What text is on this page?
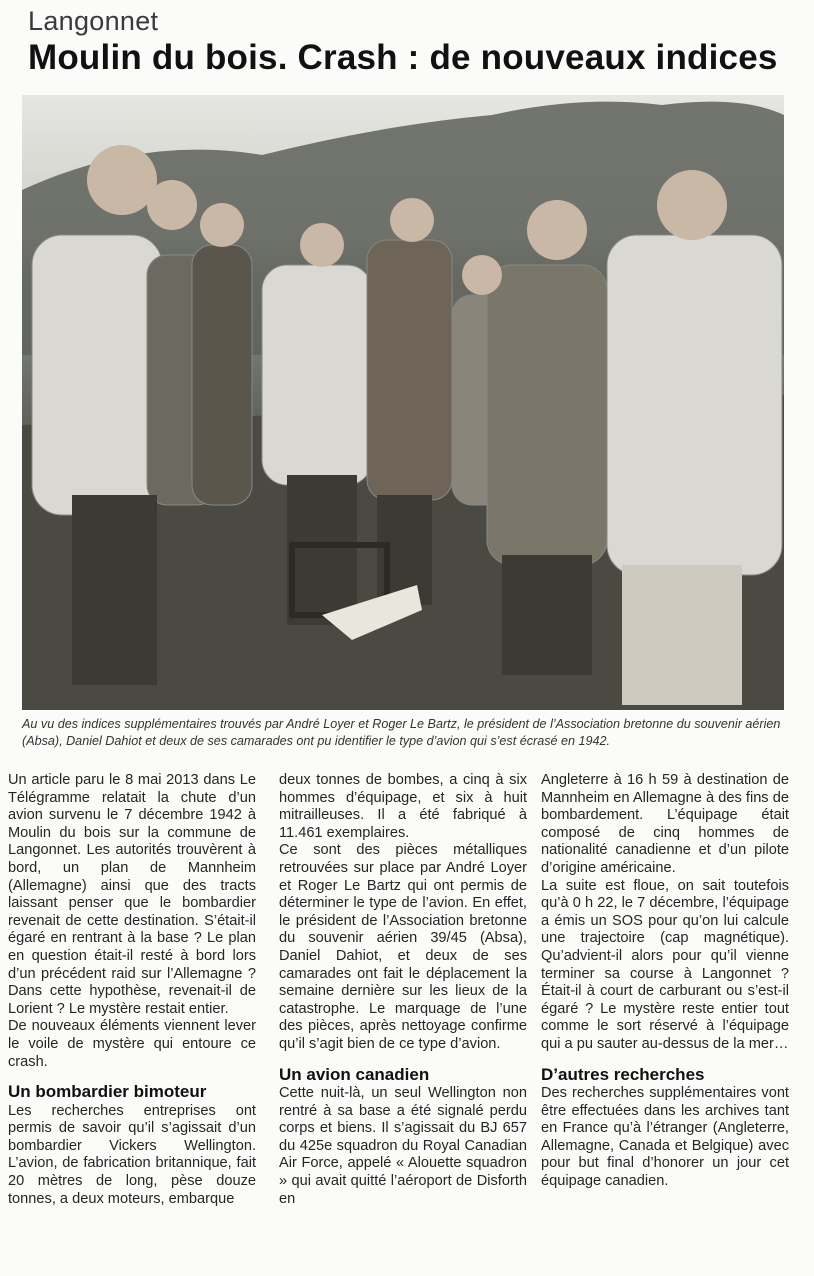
Langonnet
Moulin du bois. Crash : de nouveaux indices
Au vu des indices supplémentaires trouvés par André Loyer et Roger Le Bartz, le président de l’Association bretonne du souvenir aérien (Absa), Daniel Dahiot et deux de ses camarades ont pu identifier le type d’avion qui s’est écrasé en 1942.

Un article paru le 8 mai 2013 dans Le Télégramme relatait la chute d’un avion survenu le 7 décembre 1942 à Moulin du bois sur la commune de Langonnet. Les autorités trouvèrent à bord, un plan de Mannheim (Allemagne) ainsi que des tracts laissant penser que le bombardier revenait de cette destination. S’était-il égaré en rentrant à la base ? Le plan en question était-il resté à bord lors d’un précédent raid sur l’Allemagne ? Dans cette hypothèse, revenait-il de Lorient ? Le mystère restait entier.

De nouveaux éléments viennent lever le voile de mystère qui entoure ce crash.

Un bombardier bimoteur

Les recherches entreprises ont permis de savoir qu’il s’agissait d’un bombardier Vickers Wellington. L’avion, de fabrication britannique, fait 20 mètres de long, pèse douze tonnes, a deux moteurs, embarque

deux tonnes de bombes, a cinq à six hommes d’équipage, et six à huit mitrailleuses. Il a été fabriqué à 11.461 exemplaires.

Ce sont des pièces métalliques retrouvées sur place par André Loyer et Roger Le Bartz qui ont permis de déterminer le type de l’avion. En effet, le président de l’Association bretonne du souvenir aérien 39/45 (Absa), Daniel Dahiot, et deux de ses camarades ont fait le déplacement la semaine dernière sur les lieux de la catastrophe. Le marquage de l’une des pièces, après nettoyage confirme qu’il s’agit bien de ce type d’avion.

Un avion canadien

Cette nuit-là, un seul Wellington non rentré à sa base a été signalé perdu corps et biens. Il s’agissait du BJ 657 du 425e squadron du Royal Canadian Air Force, appelé « Alouette squadron » qui avait quitté l’aéroport de Disforth en

Angleterre à 16 h 59 à destination de Mannheim en Allemagne à des fins de bombardement. L’équipage était composé de cinq hommes de nationalité canadienne et d’un pilote d’origine américaine.

La suite est floue, on sait toutefois qu’à 0 h 22, le 7 décembre, l’équipage a émis un SOS pour qu’on lui calcule une trajectoire (cap magnétique). Qu’advient-il alors pour qu’il vienne terminer sa course à Langonnet ? Était-il à court de carburant ou s’est-il égaré ? Le mystère reste entier tout comme le sort réservé à l’équipage qui a pu sauter au-dessus de la mer…

D’autres recherches

Des recherches supplémentaires vont être effectuées dans les archives tant en France qu’à l’étranger (Angleterre, Allemagne, Canada et Belgique) avec pour but final d’honorer un jour cet équipage canadien.
